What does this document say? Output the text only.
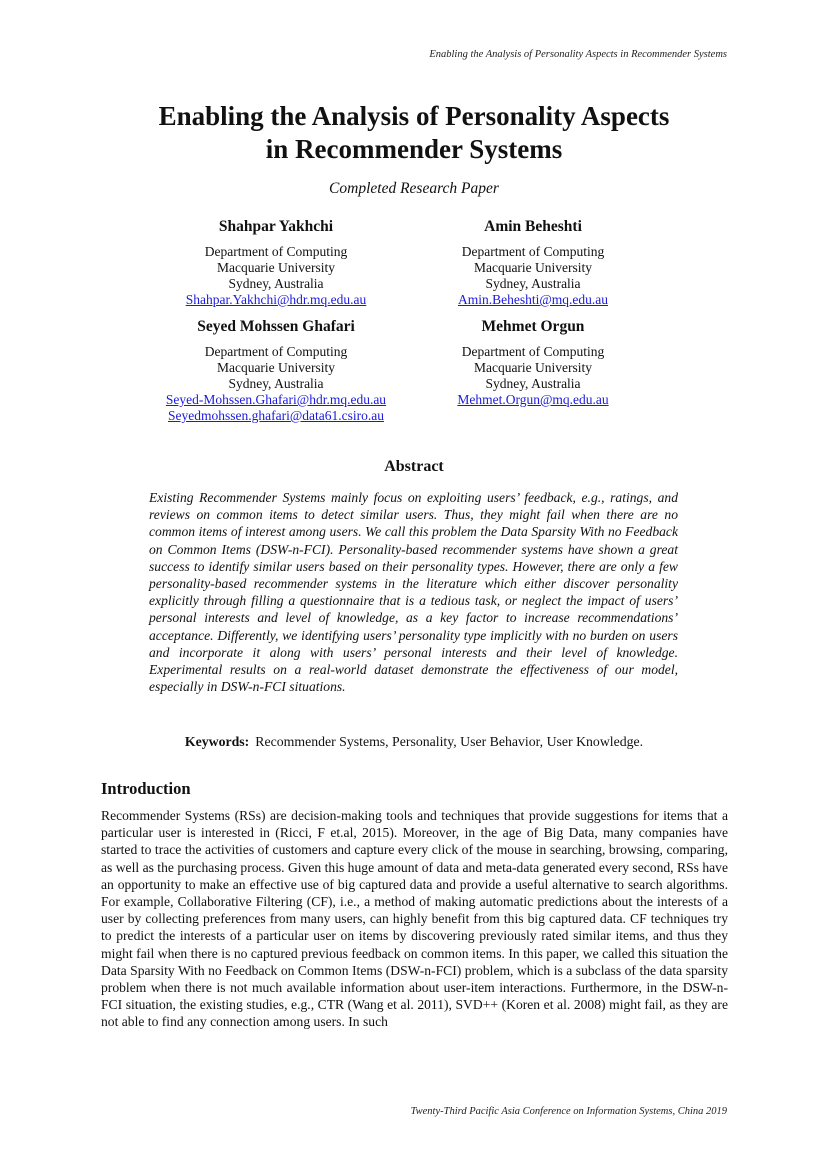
Enabling the Analysis of Personality Aspects in Recommender Systems
Enabling the Analysis of Personality Aspects
in Recommender Systems
Completed Research Paper
Shahpar Yakhchi
Department of Computing
Macquarie University
Sydney, Australia
Shahpar.Yakhchi@hdr.mq.edu.au
Amin Beheshti
Department of Computing
Macquarie University
Sydney, Australia
Amin.Beheshti@mq.edu.au
Seyed Mohssen Ghafari
Department of Computing
Macquarie University
Sydney, Australia
Seyed-Mohssen.Ghafari@hdr.mq.edu.au
Seyedmohssen.ghafari@data61.csiro.au
Mehmet Orgun
Department of Computing
Macquarie University
Sydney, Australia
Mehmet.Orgun@mq.edu.au
Abstract
Existing Recommender Systems mainly focus on exploiting users’ feedback, e.g., ratings, and reviews on common items to detect similar users. Thus, they might fail when there are no common items of interest among users. We call this problem the Data Sparsity With no Feedback on Common Items (DSW-n-FCI). Personality-based recommender systems have shown a great success to identify similar users based on their personality types. However, there are only a few personality-based recommender systems in the literature which either discover personality explicitly through filling a questionnaire that is a tedious task, or neglect the impact of users’ personal interests and level of knowledge, as a key factor to increase recommendations’ acceptance. Differently, we identifying users’ personality type implicitly with no burden on users and incorporate it along with users’ personal interests and their level of knowledge. Experimental results on a real-world dataset demonstrate the effectiveness of our model, especially in DSW-n-FCI situations.
Keywords: Recommender Systems, Personality, User Behavior, User Knowledge.
Introduction
Recommender Systems (RSs) are decision-making tools and techniques that provide suggestions for items that a particular user is interested in (Ricci, F et.al, 2015). Moreover, in the age of Big Data, many companies have started to trace the activities of customers and capture every click of the mouse in searching, browsing, comparing, as well as the purchasing process. Given this huge amount of data and meta-data generated every second, RSs have an opportunity to make an effective use of big captured data and provide a useful alternative to search algorithms. For example, Collaborative Filtering (CF), i.e., a method of making automatic predictions about the interests of a user by collecting preferences from many users, can highly benefit from this big captured data. CF techniques try to predict the interests of a particular user on items by discovering previously rated similar items, and thus they might fail when there is no captured previous feedback on common items. In this paper, we called this situation the Data Sparsity With no Feedback on Common Items (DSW-n-FCI) problem, which is a subclass of the data sparsity problem when there is not much available information about user-item interactions. Furthermore, in the DSW-n-FCI situation, the existing studies, e.g., CTR (Wang et al. 2011), SVD++ (Koren et al. 2008) might fail, as they are not able to find any connection among users. In such
Twenty-Third Pacific Asia Conference on Information Systems, China 2019
